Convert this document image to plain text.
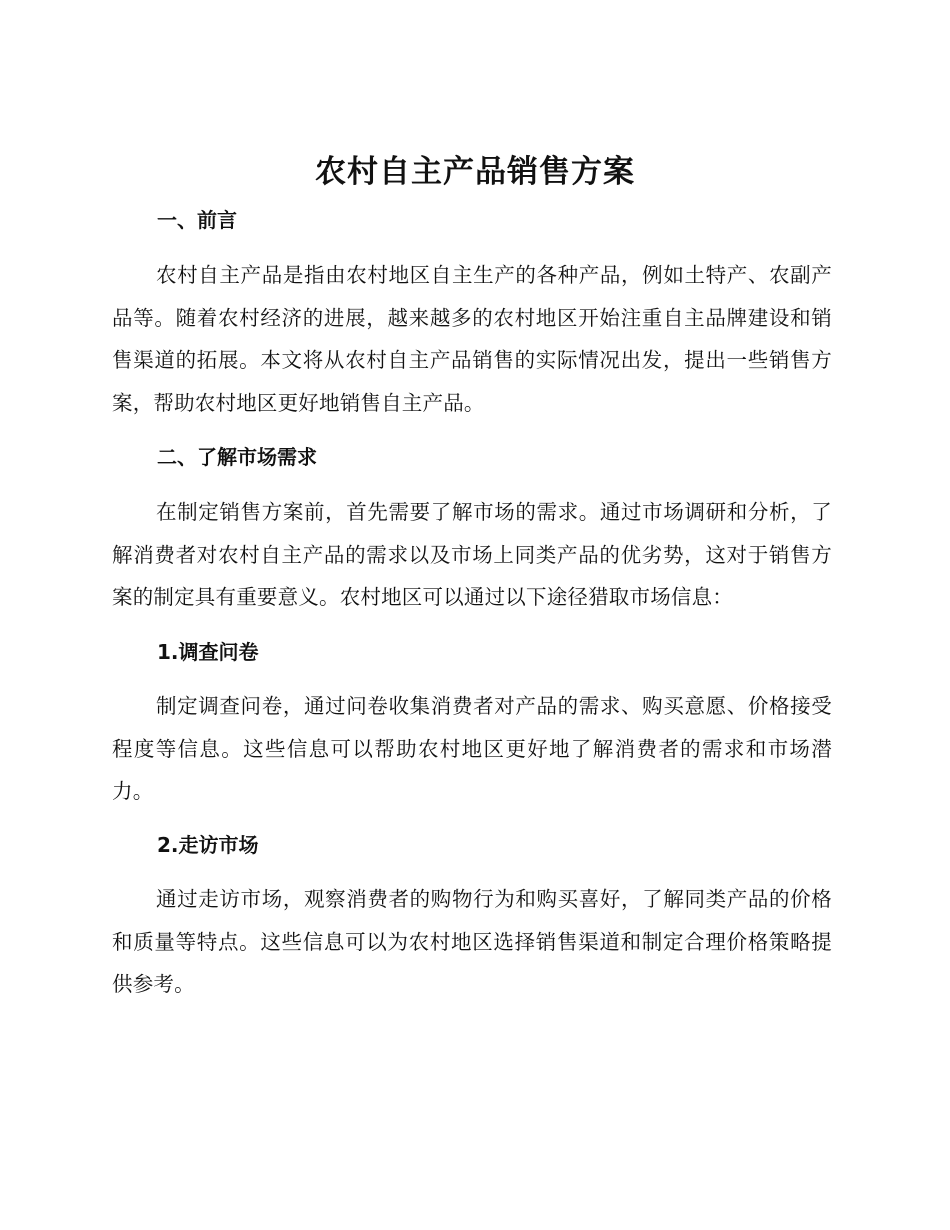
农村自主产品销售方案
一、前言

农村自主产品是指由农村地区自主生产的各种产品，例如土特产、农副产品等。随着农村经济的进展，越来越多的农村地区开始注重自主品牌建设和销售渠道的拓展。本文将从农村自主产品销售的实际情况出发，提出一些销售方案，帮助农村地区更好地销售自主产品。

二、了解市场需求

在制定销售方案前，首先需要了解市场的需求。通过市场调研和分析，了解消费者对农村自主产品的需求以及市场上同类产品的优劣势，这对于销售方案的制定具有重要意义。农村地区可以通过以下途径猎取市场信息：

1.调查问卷

制定调查问卷，通过问卷收集消费者对产品的需求、购买意愿、价格接受程度等信息。这些信息可以帮助农村地区更好地了解消费者的需求和市场潜力。

2.走访市场

通过走访市场，观察消费者的购物行为和购买喜好，了解同类产品的价格和质量等特点。这些信息可以为农村地区选择销售渠道和制定合理价格策略提供参考。
